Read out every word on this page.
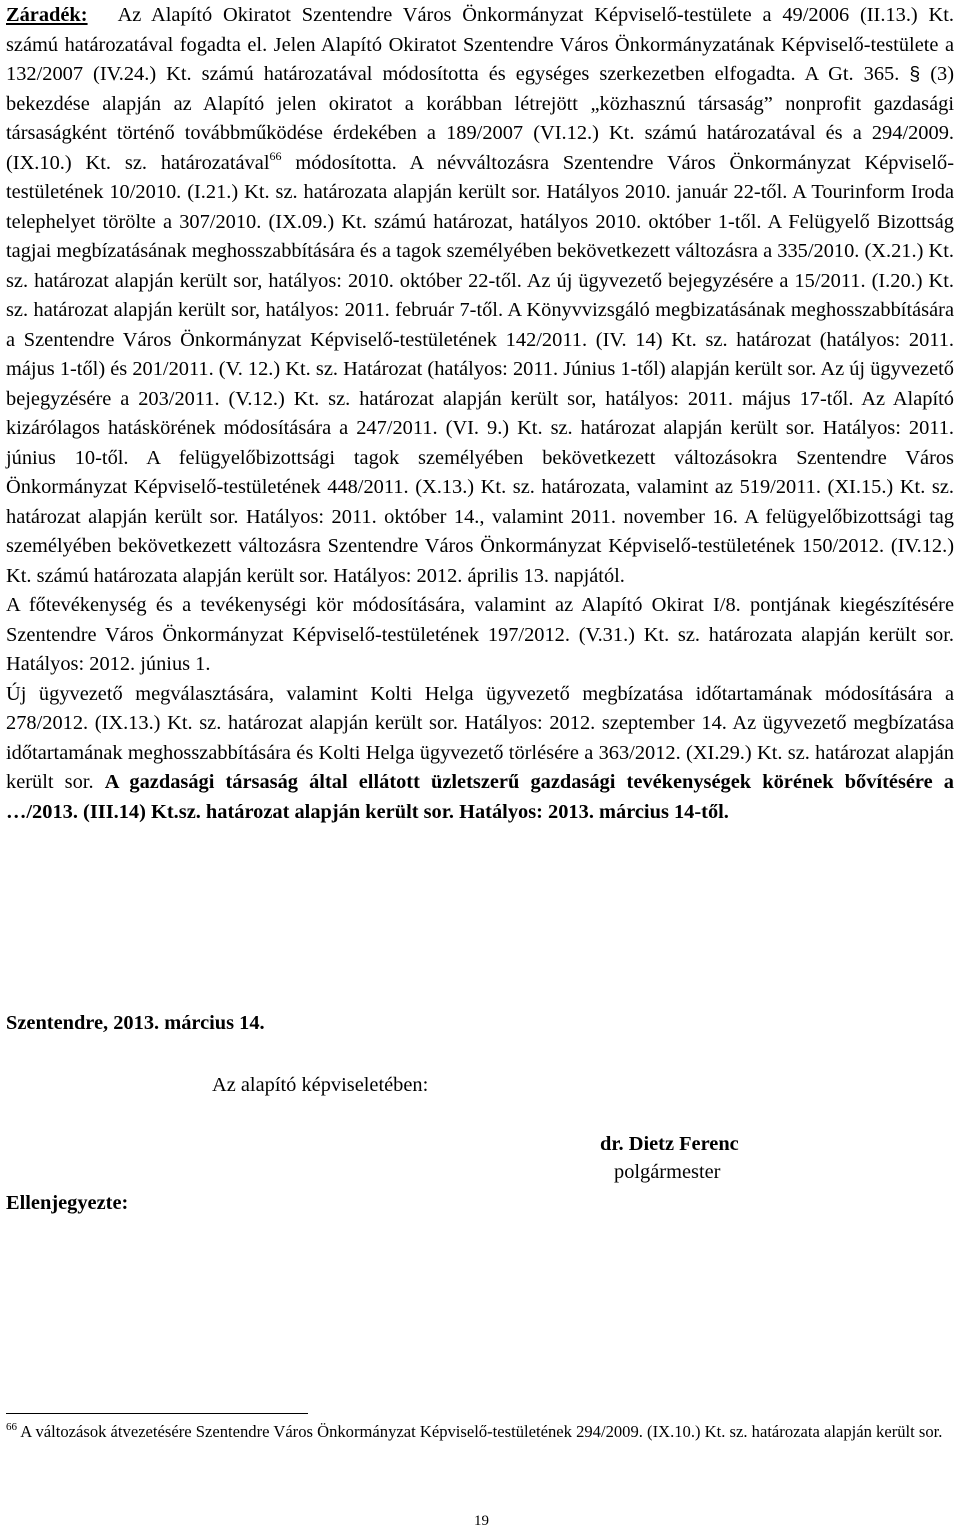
Záradék: Az Alapító Okiratot Szentendre Város Önkormányzat Képviselő-testülete a 49/2006 (II.13.) Kt. számú határozatával fogadta el. Jelen Alapító Okiratot Szentendre Város Önkormányzatának Képviselő-testülete a 132/2007 (IV.24.) Kt. számú határozatával módosította és egységes szerkezetben elfogadta. A Gt. 365. § (3) bekezdése alapján az Alapító jelen okiratot a korábban létrejött „közhasznú társaság” nonprofit gazdasági társaságként történő továbbműködése érdekében a 189/2007 (VI.12.) Kt. számú határozatával és a 294/2009. (IX.10.) Kt. sz. határozatával$^{66}$ módosította. A névváltozásra Szentendre Város Önkormányzat Képviselő-testületének 10/2010. (I.21.) Kt. sz. határozata alapján került sor. Hatályos 2010. január 22-től. A Tourinform Iroda telephelyet törölte a 307/2010. (IX.09.) Kt. számú határozat, hatályos 2010. október 1-től. A Felügyelő Bizottság tagjai megbízatásának meghosszabbítására és a tagok személyében bekövetkezett változásra a 335/2010. (X.21.) Kt. sz. határozat alapján került sor, hatályos: 2010. október 22-től. Az új ügyvezető bejegyzésére a 15/2011. (I.20.) Kt. sz. határozat alapján került sor, hatályos: 2011. február 7-től. A Könyvvizsgáló megbizatásának meghosszabbítására a Szentendre Város Önkormányzat Képviselő-testületének 142/2011. (IV. 14) Kt. sz. határozat (hatályos: 2011. május 1-től) és 201/2011. (V. 12.) Kt. sz. Határozat (hatályos: 2011. Június 1-től) alapján került sor. Az új ügyvezető bejegyzésére a 203/2011. (V.12.) Kt. sz. határozat alapján került sor, hatályos: 2011. május 17-től. Az Alapító kizárólagos hatáskörének módosítására a 247/2011. (VI. 9.) Kt. sz. határozat alapján került sor. Hatályos: 2011. június 10-től. A felügyelőbizottsági tagok személyében bekövetkezett változásokra Szentendre Város Önkormányzat Képviselő-testületének 448/2011. (X.13.) Kt. sz. határozata, valamint az 519/2011. (XI.15.) Kt. sz. határozat alapján került sor. Hatályos: 2011. október 14., valamint 2011. november 16. A felügyelőbizottsági tag személyében bekövetkezett változásra Szentendre Város Önkormányzat Képviselő-testületének 150/2012. (IV.12.) Kt. számú határozata alapján került sor. Hatályos: 2012. április 13. napjától.
A főtevékenység és a tevékenységi kör módosítására, valamint az Alapító Okirat I/8. pontjának kiegészítésére Szentendre Város Önkormányzat Képviselő-testületének 197/2012. (V.31.) Kt. sz. határozata alapján került sor. Hatályos: 2012. június 1.
Új ügyvezető megválasztására, valamint Kolti Helga ügyvezető megbízatása időtartamának módosítására a 278/2012. (IX.13.) Kt. sz. határozat alapján került sor. Hatályos: 2012. szeptember 14. Az ügyvezető megbízatása időtartamának meghosszabbítására és Kolti Helga ügyvezető törlésére a 363/2012. (XI.29.) Kt. sz. határozat alapján került sor. A gazdasági társaság által ellátott üzletszerű gazdasági tevékenységek körének bővítésére a …/2013. (III.14) Kt.sz. határozat alapján került sor. Hatályos: 2013. március 14-től.

Szentendre, 2013. március 14.

Az alapító képviseletében:

dr. Dietz Ferenc

polgármester

Ellenjegyezte:

$^{66}$ A változások átvezetésére Szentendre Város Önkormányzat Képviselő-testületének 294/2009. (IX.10.) Kt. sz. határozata alapján került sor.

19
